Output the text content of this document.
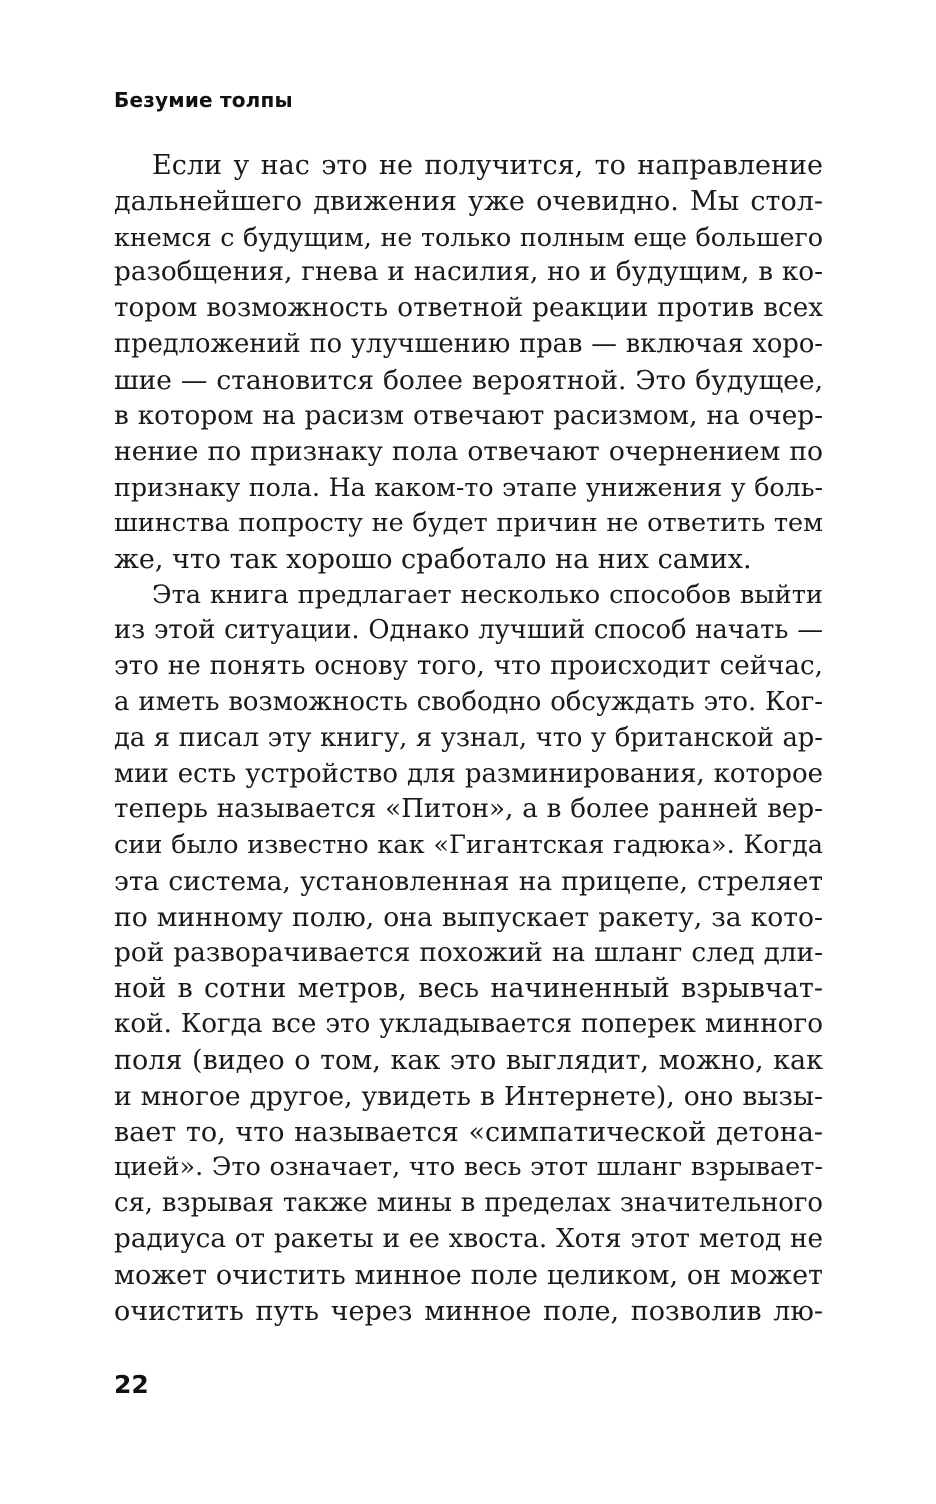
Безумие толпы
Если у нас это не получится, то направление
дальнейшего движения уже очевидно. Мы стол-
кнемся с будущим, не только полным еще большего
разобщения, гнева и насилия, но и будущим, в ко-
тором возможность ответной реакции против всех
предложений по улучшению прав — включая хоро-
шие — становится более вероятной. Это будущее,
в котором на расизм отвечают расизмом, на очер-
нение по признаку пола отвечают очернением по
признаку пола. На каком-то этапе унижения у боль-
шинства попросту не будет причин не ответить тем
же, что так хорошо сработало на них самих.
Эта книга предлагает несколько способов выйти
из этой ситуации. Однако лучший способ начать —
это не понять основу того, что происходит сейчас,
а иметь возможность свободно обсуждать это. Ког-
да я писал эту книгу, я узнал, что у британской ар-
мии есть устройство для разминирования, которое
теперь называется «Питон», а в более ранней вер-
сии было известно как «Гигантская гадюка». Когда
эта система, установленная на прицепе, стреляет
по минному полю, она выпускает ракету, за кото-
рой разворачивается похожий на шланг след дли-
ной в сотни метров, весь начиненный взрывчат-
кой. Когда все это укладывается поперек минного
поля (видео о том, как это выглядит, можно, как
и многое другое, увидеть в Интернете), оно вызы-
вает то, что называется «симпатической детона-
цией». Это означает, что весь этот шланг взрывает-
ся, взрывая также мины в пределах значительного
радиуса от ракеты и ее хвоста. Хотя этот метод не
может очистить минное поле целиком, он может
очистить путь через минное поле, позволив лю-
22
